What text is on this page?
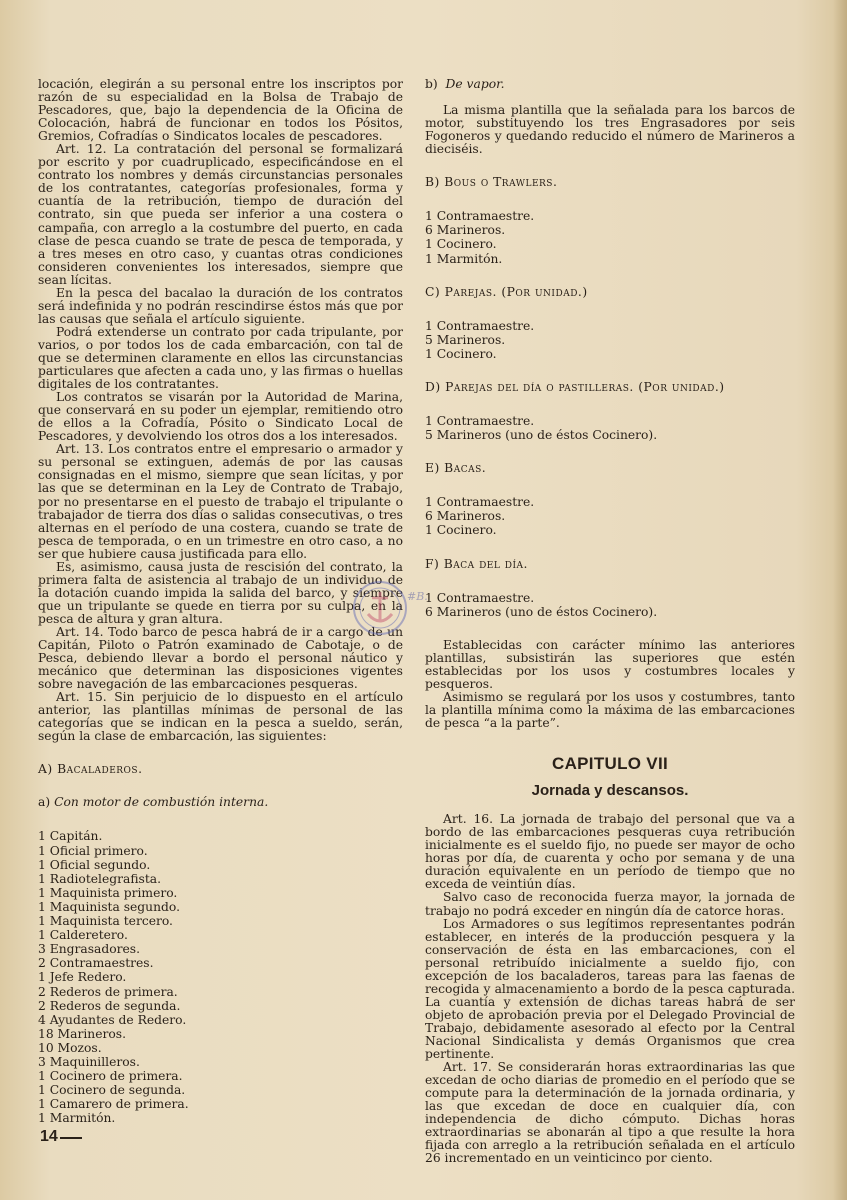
locación, elegirán a su personal entre los inscriptos por razón de su especialidad en la Bolsa de Trabajo de Pescadores, que, bajo la dependencia de la Oficina de Colocación, habrá de funcionar en todos los Pósitos, Gremios, Cofradías o Sindicatos locales de pescadores.

Art. 12. La contratación del personal se formalizará por escrito y por cuadruplicado, especificándose en el contrato los nombres y demás circunstancias personales de los contratantes, categorías profesionales, forma y cuantía de la retribución, tiempo de duración del contrato, sin que pueda ser inferior a una costera o campaña, con arreglo a la costumbre del puerto, en cada clase de pesca cuando se trate de pesca de temporada, y a tres meses en otro caso, y cuantas otras condiciones consideren convenientes los interesados, siempre que sean lícitas.

En la pesca del bacalao la duración de los contratos será indefinida y no podrán rescindirse éstos más que por las causas que señala el artículo siguiente.

Podrá extenderse un contrato por cada tripulante, por varios, o por todos los de cada embarcación, con tal de que se determinen claramente en ellos las circunstancias particulares que afecten a cada uno, y las firmas o huellas digitales de los contratantes.

Los contratos se visarán por la Autoridad de Marina, que conservará en su poder un ejemplar, remitiendo otro de ellos a la Cofradía, Pósito o Sindicato Local de Pescadores, y devolviendo los otros dos a los interesados.

Art. 13. Los contratos entre el empresario o armador y su personal se extinguen, además de por las causas consignadas en el mismo, siempre que sean lícitas, y por las que se determinan en la Ley de Contrato de Trabajo, por no presentarse en el puesto de trabajo el tripulante o trabajador de tierra dos días o salidas consecutivas, o tres alternas en el período de una costera, cuando se trate de pesca de temporada, o en un trimestre en otro caso, a no ser que hubiere causa justificada para ello.

Es, asimismo, causa justa de rescisión del contrato, la primera falta de asistencia al trabajo de un individuo de la dotación cuando impida la salida del barco, y siempre que un tripulante se quede en tierra por su culpa, en la pesca de altura y gran altura.

Art. 14. Todo barco de pesca habrá de ir a cargo de un Capitán, Piloto o Patrón examinado de Cabotaje, o de Pesca, debiendo llevar a bordo el personal náutico y mecánico que determinan las disposiciones vigentes sobre navegación de las embarcaciones pesqueras.

Art. 15. Sin perjuicio de lo dispuesto en el artículo anterior, las plantillas mínimas de personal de las categorías que se indican en la pesca a sueldo, serán, según la clase de embarcación, las siguientes:

A) Bacaladeros.

a) Con motor de combustión interna.

1 Capitán.
1 Oficial primero.
1 Oficial segundo.
1 Radiotelegrafista.
1 Maquinista primero.
1 Maquinista segundo.
1 Maquinista tercero.
1 Calderetero.
3 Engrasadores.
2 Contramaestres.
1 Jefe Redero.
2 Rederos de primera.
2 Rederos de segunda.
4 Ayudantes de Redero.
18 Marineros.
10 Mozos.
3 Maquinilleros.
1 Cocinero de primera.
1 Cocinero de segunda.
1 Camarero de primera.
1 Marmitón.

b) De vapor.

La misma plantilla que la señalada para los barcos de motor, substituyendo los tres Engrasadores por seis Fogoneros y quedando reducido el número de Marineros a dieciséis.

B) Bous o Trawlers.

1 Contramaestre.
6 Marineros.
1 Cocinero.
1 Marmitón.

C) Parejas. (Por unidad.)

1 Contramaestre.
5 Marineros.
1 Cocinero.

D) Parejas del día o pastilleras. (Por unidad.)

1 Contramaestre.
5 Marineros (uno de éstos Cocinero).

E) Bacas.

1 Contramaestre.
6 Marineros.
1 Cocinero.

F) Baca del día.

1 Contramaestre.
6 Marineros (uno de éstos Cocinero).

Establecidas con carácter mínimo las anteriores plantillas, subsistirán las superiores que estén establecidas por los usos y costumbres locales y pesqueros.

Asimismo se regulará por los usos y costumbres, tanto la plantilla mínima como la máxima de las embarcaciones de pesca “a la parte”.

CAPITULO VII
Jornada y descansos.

Art. 16. La jornada de trabajo del personal que va a bordo de las embarcaciones pesqueras cuya retribución inicialmente es el sueldo fijo, no puede ser mayor de ocho horas por día, de cuarenta y ocho por semana y de una duración equivalente en un período de tiempo que no exceda de veintiún días.

Salvo caso de reconocida fuerza mayor, la jornada de trabajo no podrá exceder en ningún día de catorce horas.

Los Armadores o sus legítimos representantes podrán establecer, en interés de la producción pesquera y la conservación de ésta en las embarcaciones, con el personal retribuído inicialmente a sueldo fijo, con excepción de los bacaladeros, tareas para las faenas de recogida y almacenamiento a bordo de la pesca capturada. La cuantía y extensión de dichas tareas habrá de ser objeto de aprobación previa por el Delegado Provincial de Trabajo, debidamente asesorado al efecto por la Central Nacional Sindicalista y demás Organismos que crea pertinente.

Art. 17. Se considerarán horas extraordinarias las que excedan de ocho diarias de promedio en el período que se compute para la determinación de la jornada ordinaria, y las que excedan de doce en cualquier día, con independencia de dicho cómputo. Dichas horas extraordinarias se abonarán al tipo a que resulte la hora fijada con arreglo a la retribución señalada en el artículo 26 incrementado en un veinticinco por ciento.

#B.
14
